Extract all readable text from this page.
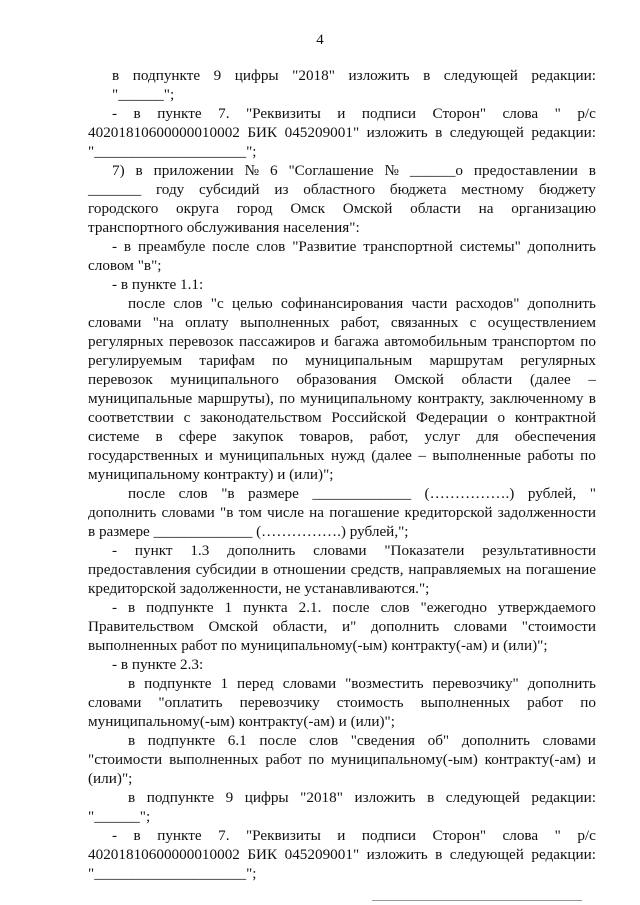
4
в подпункте 9 цифры "2018" изложить в следующей редакции:
"______";
- в пункте 7. "Реквизиты и подписи Сторон" слова " р/с
40201810600000010002 БИК 045209001" изложить в следующей редакции:
"____________________";
7) в приложении № 6 "Соглашение № ______о предоставлении в
_______ году субсидий из областного бюджета местному бюджету
городского округа город Омск Омской области на организацию
транспортного обслуживания населения":
- в преамбуле после слов "Развитие транспортной системы" дополнить
словом "в";
- в пункте 1.1:
после слов "с целью софинансирования части расходов" дополнить
словами "на оплату выполненных работ, связанных с осуществлением
регулярных перевозок пассажиров и багажа автомобильным транспортом по
регулируемым тарифам по муниципальным маршрутам регулярных
перевозок муниципального образования Омской области (далее –
муниципальные маршруты), по муниципальному контракту, заключенному в
соответствии с законодательством Российской Федерации о контрактной
системе в сфере закупок товаров, работ, услуг для обеспечения
государственных и муниципальных нужд (далее – выполненные работы по
муниципальному контракту) и (или)";
после слов "в размере _____________ (…………….) рублей, "
дополнить словами "в том числе на погашение кредиторской задолженности
в размере _____________ (…………….) рублей,";
- пункт 1.3 дополнить словами "Показатели результативности
предоставления субсидии в отношении средств, направляемых на погашение
кредиторской задолженности, не устанавливаются.";
- в подпункте 1 пункта 2.1. после слов "ежегодно утверждаемого
Правительством Омской области, и" дополнить словами "стоимости
выполненных работ по муниципальному(-ым) контракту(-ам) и (или)";
- в пункте 2.3:
в подпункте 1 перед словами "возместить перевозчику" дополнить
словами "оплатить перевозчику стоимость выполненных работ по
муниципальному(-ым) контракту(-ам) и (или)";
в подпункте 6.1 после слов "сведения об" дополнить словами
"стоимости выполненных работ по муниципальному(-ым) контракту(-ам) и
(или)";
в подпункте 9 цифры "2018" изложить в следующей редакции:
"______";
- в пункте 7. "Реквизиты и подписи Сторон" слова " р/с
40201810600000010002 БИК 045209001" изложить в следующей редакции:
"____________________";
